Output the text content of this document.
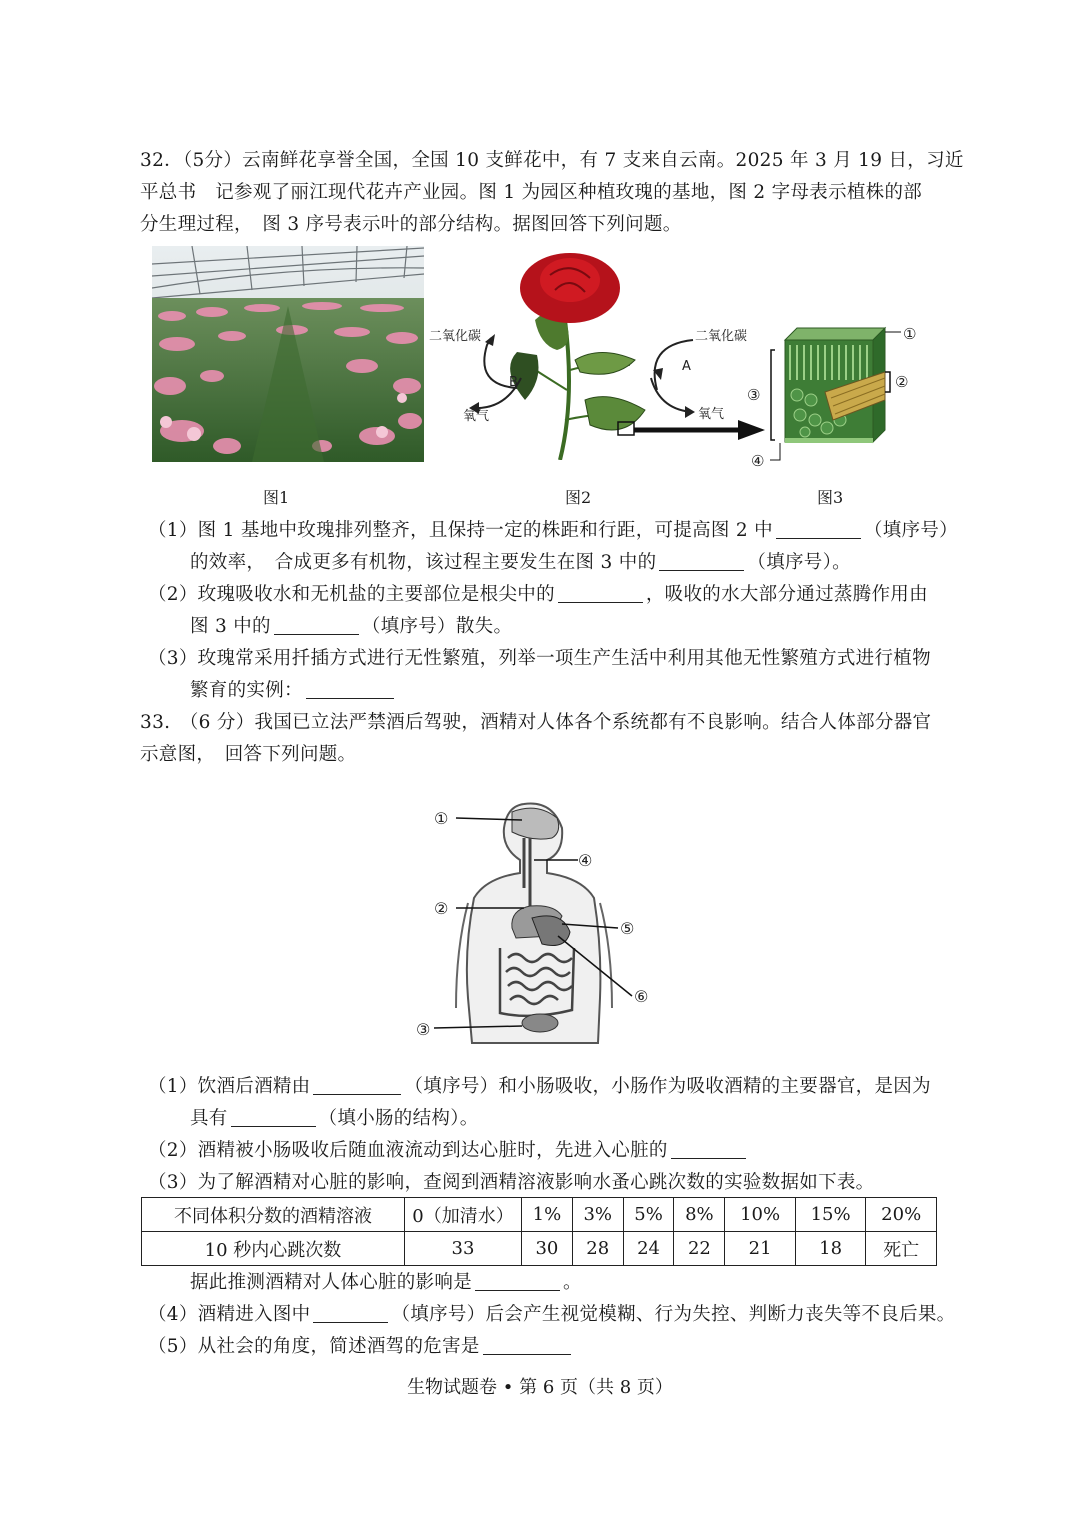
32．（5分）云南鲜花享誉全国，全国 10 支鲜花中，有 7 支来自云南。2025 年 3 月 19 日，习近
平总书　记参观了丽江现代花卉产业园。图 1 为园区种植玫瑰的基地，图 2 字母表示植株的部
分生理过程，　图 3 序号表示叶的部分结构。据图回答下列问题。
图1
二氧化碳
氧气
B
二氧化碳
氧气
A
图2
①
②
③
④
图3
（1）图 1 基地中玫瑰排列整齐，且保持一定的株距和行距，可提高图 2 中	（填序号）
的效率，　合成更多有机物，该过程主要发生在图 3 中的	（填序号）。
（2）玫瑰吸收水和无机盐的主要部位是根尖中的	，吸收的水大部分通过蒸腾作用由
图 3 中的	（填序号）散失。
（3）玫瑰常采用扦插方式进行无性繁殖，列举一项生产生活中利用其他无性繁殖方式进行植物
繁育的实例：
33.　（6 分）我国已立法严禁酒后驾驶，酒精对人体各个系统都有不良影响。结合人体部分器官
示意图，　回答下列问题。
①
②
③
④
⑤
⑥
（1）饮酒后酒精由	（填序号）和小肠吸收，小肠作为吸收酒精的主要器官，是因为
具有	（填小肠的结构）。
（2）酒精被小肠吸收后随血液流动到达心脏时，先进入心脏的
（3）为了解酒精对心脏的影响，查阅到酒精溶液影响水蚤心跳次数的实验数据如下表。
不同体积分数的酒精溶液	0（加清水）	1%	3%	5%	8%	10%	15%	20%
10 秒内心跳次数	33	30	28	24	22	21	18	死亡
据此推测酒精对人体心脏的影响是	。
（4）酒精进入图中	（填序号）后会产生视觉模糊、行为失控、判断力丧失等不良后果。
（5）从社会的角度，简述酒驾的危害是
生物试题卷 • 第 6 页（共 8 页）
